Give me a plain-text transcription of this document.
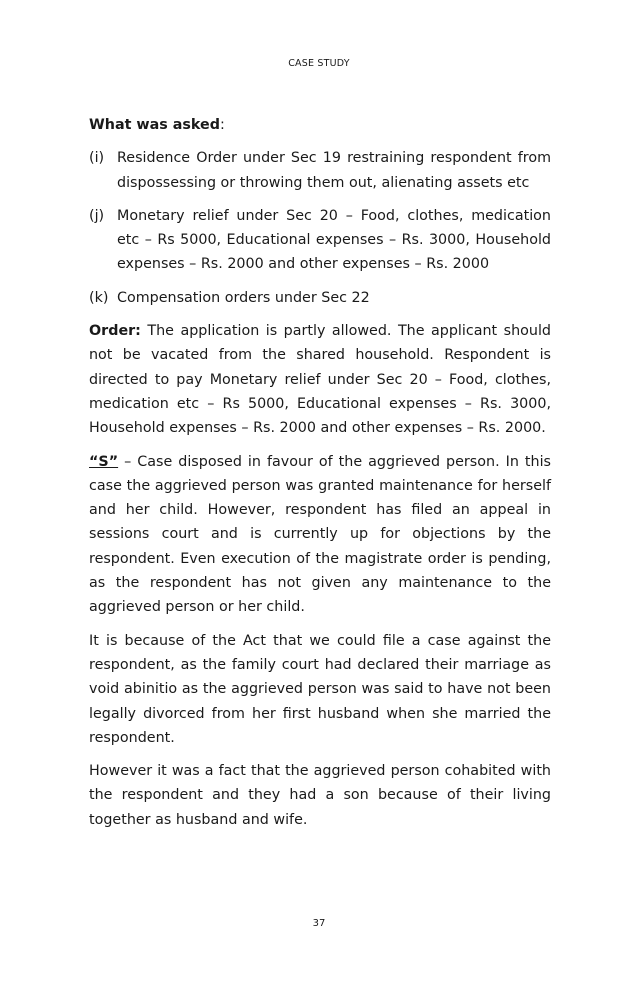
CASE STUDY

What was asked:

(i) Residence Order under Sec 19 restraining respondent from dispossessing or throwing them out, alienating assets etc
(j) Monetary relief under Sec 20 – Food, clothes, medication etc – Rs 5000, Educational expenses – Rs. 3000, Household expenses – Rs. 2000 and other expenses – Rs. 2000
(k) Compensation orders under Sec 22

Order: The application is partly allowed. The applicant should not be vacated from the shared household. Respondent is directed to pay Monetary relief under Sec 20 – Food, clothes, medication etc – Rs 5000, Educational expenses – Rs. 3000, Household expenses – Rs. 2000 and other expenses – Rs. 2000.

“S” – Case disposed in favour of the aggrieved person. In this case the aggrieved person was granted maintenance for herself and her child. However, respondent has filed an appeal in sessions court and is currently up for objections by the respondent. Even execution of the magistrate order is pending, as the respondent has not given any maintenance to the aggrieved person or her child.

It is because of the Act that we could file a case against the respondent, as the family court had declared their marriage as void abinitio as the aggrieved person was said to have not been legally divorced from her first husband when she married the respondent.

However it was a fact that the aggrieved person cohabited with the respondent and they had a son because of their living together as husband and wife.

37
